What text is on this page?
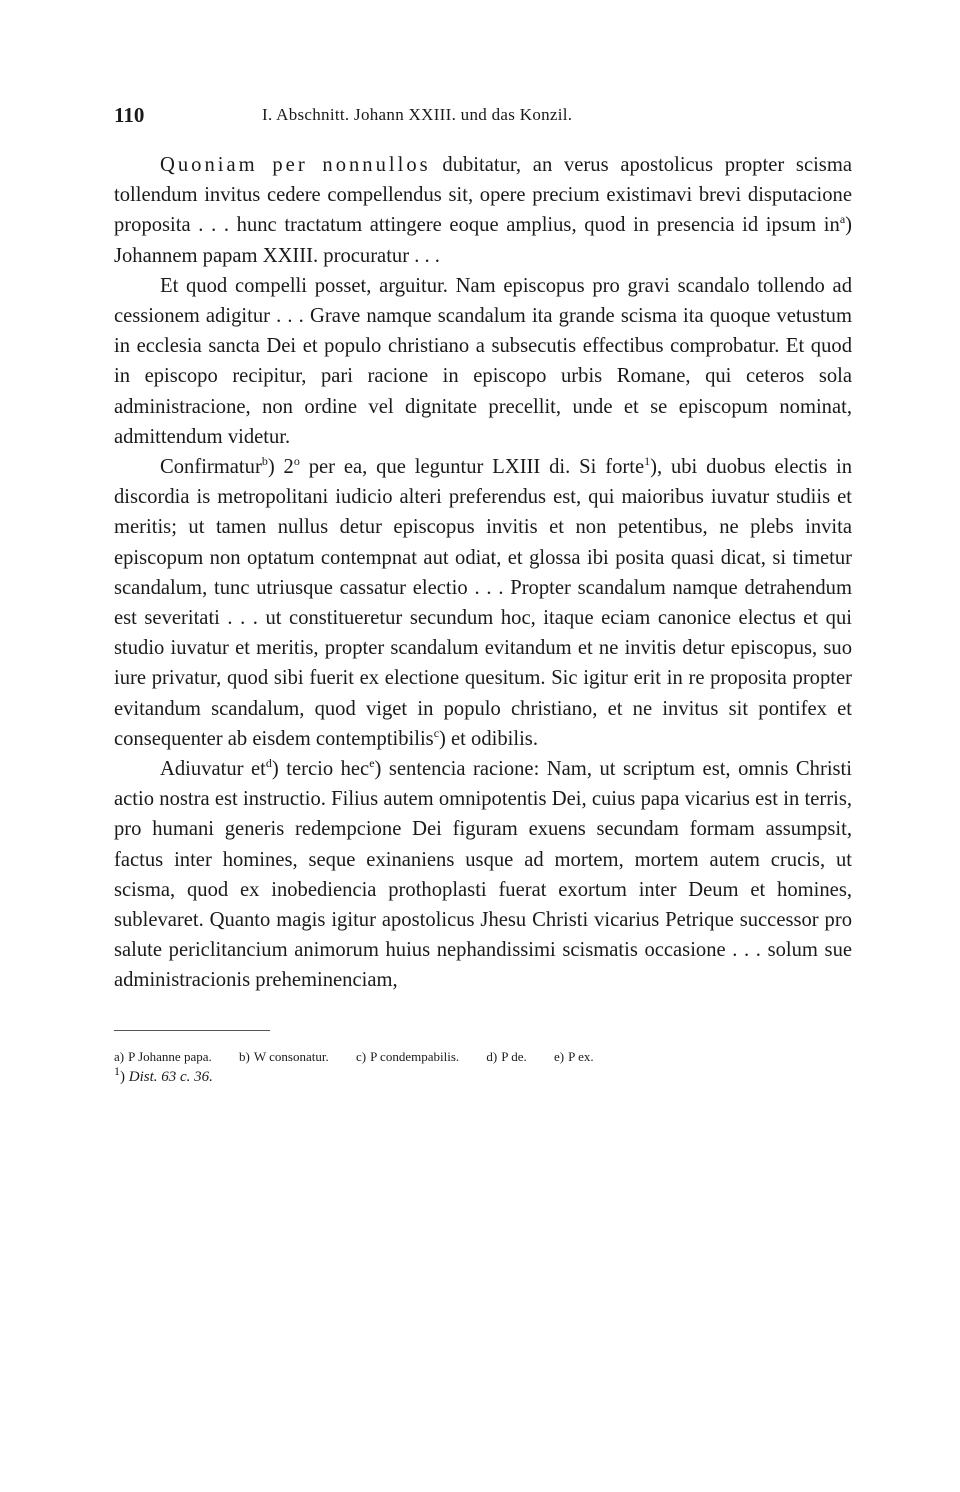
110	I. Abschnitt. Johann XXIII. und das Konzil.

Quoniam per nonnullos dubitatur, an verus apostolicus propter scisma tollendum invitus cedere compellendus sit, opere precium existimavi brevi disputacione proposita . . . hunc tractatum attingere eoque amplius, quod in presencia id ipsum $in^a$) Johannem papam XXIII. procuratur . . .

Et quod compelli posset, arguitur. Nam episcopus pro gravi scandalo tollendo ad cessionem adigitur . . . Grave namque scandalum ita grande scisma ita quoque vetustum in ecclesia sancta Dei et populo christiano a subsecutis effectibus comprobatur. Et quod in episcopo recipitur, pari racione in episcopo urbis Romane, qui ceteros sola administracione, non ordine vel dignitate precellit, unde et se episcopum nominat, admittendum videtur.

Confirmatur$^b$) 2$^o$ per ea, que leguntur LXIII di. Si forte$^1$), ubi duobus electis in discordia is metropolitani iudicio alteri preferendus est, qui maioribus iuvatur studiis et meritis; ut tamen nullus detur episcopus invitis et non petentibus, ne plebs invita episcopum non optatum contempnat aut odiat, et glossa ibi posita quasi dicat, si timetur scandalum, tunc utriusque cassatur electio . . . Propter scandalum namque detrahendum est severitati . . . ut constitueretur secundum hoc, itaque eciam canonice electus et qui studio iuvatur et meritis, propter scandalum evitandum et ne invitis detur episcopus, suo iure privatur, quod sibi fuerit ex electione quesitum. Sic igitur erit in re proposita propter evitandum scandalum, quod viget in populo christiano, et ne invitus sit pontifex et consequenter ab eisdem contemptibilis$^c$) et odibilis.

Adiuvatur $et^d$) tercio hec$^e$) sentencia racione: Nam, ut scriptum est, omnis Christi actio nostra est instructio. Filius autem omnipotentis Dei, cuius papa vicarius est in terris, pro humani generis redempcione Dei figuram exuens secundam formam assumpsit, factus inter homines, seque exinaniens usque ad mortem, mortem autem crucis, ut scisma, quod ex inobediencia prothoplasti fuerat exortum inter Deum et homines, sublevaret. Quanto magis igitur apostolicus Jhesu Christi vicarius Petrique successor pro salute periclitancium animorum huius nephandissimi scismatis occasione . . . solum sue administracionis preheminenciam,

a) P Johanne papa. b) W consonatur. c) P condempabilis. d) P de. e) P ex.
$^1$) Dist. 63 c. 36.
